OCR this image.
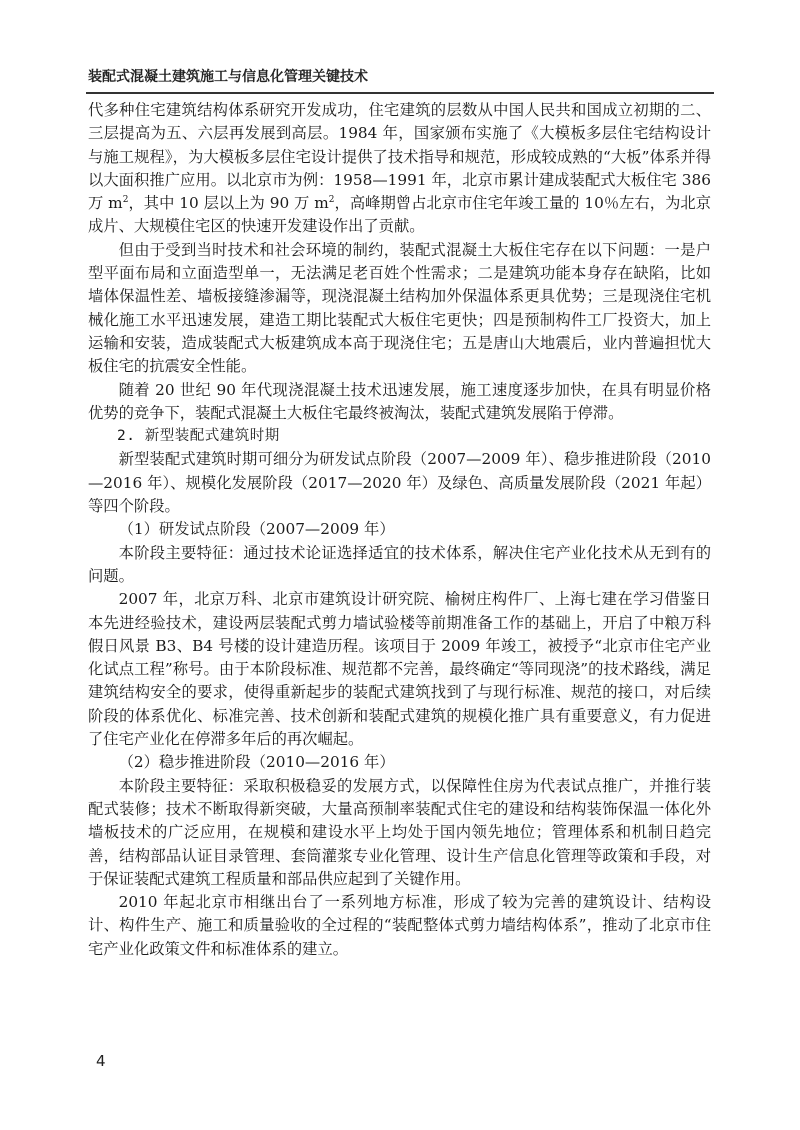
装配式混凝土建筑施工与信息化管理关键技术

代多种住宅建筑结构体系研究开发成功，住宅建筑的层数从中国人民共和国成立初期的二、三层提高为五、六层再发展到高层。1984 年，国家颁布实施了《大模板多层住宅结构设计与施工规程》，为大模板多层住宅设计提供了技术指导和规范，形成较成熟的“大板”体系并得以大面积推广应用。以北京市为例：1958—1991 年，北京市累计建成装配式大板住宅 386 万 $m^2$，其中 10 层以上为 90 万 $m^2$，高峰期曾占北京市住宅年竣工量的 10％左右，为北京成片、大规模住宅区的快速开发建设作出了贡献。

但由于受到当时技术和社会环境的制约，装配式混凝土大板住宅存在以下问题：一是户型平面布局和立面造型单一，无法满足老百姓个性需求；二是建筑功能本身存在缺陷，比如墙体保温性差、墙板接缝渗漏等，现浇混凝土结构加外保温体系更具优势；三是现浇住宅机械化施工水平迅速发展，建造工期比装配式大板住宅更快；四是预制构件工厂投资大，加上运输和安装，造成装配式大板建筑成本高于现浇住宅；五是唐山大地震后，业内普遍担忧大板住宅的抗震安全性能。

随着 20 世纪 90 年代现浇混凝土技术迅速发展，施工速度逐步加快，在具有明显价格优势的竞争下，装配式混凝土大板住宅最终被淘汰，装配式建筑发展陷于停滞。

2. 新型装配式建筑时期

新型装配式建筑时期可细分为研发试点阶段（2007—2009 年）、稳步推进阶段（2010—2016 年）、规模化发展阶段（2017—2020 年）及绿色、高质量发展阶段（2021 年起）等四个阶段。

（1）研发试点阶段（2007—2009 年）

本阶段主要特征：通过技术论证选择适宜的技术体系，解决住宅产业化技术从无到有的问题。

2007 年，北京万科、北京市建筑设计研究院、榆树庄构件厂、上海七建在学习借鉴日本先进经验技术，建设两层装配式剪力墙试验楼等前期准备工作的基础上，开启了中粮万科假日风景 B3、B4 号楼的设计建造历程。该项目于 2009 年竣工，被授予“北京市住宅产业化试点工程”称号。由于本阶段标准、规范都不完善，最终确定“等同现浇”的技术路线，满足建筑结构安全的要求，使得重新起步的装配式建筑找到了与现行标准、规范的接口，对后续阶段的体系优化、标准完善、技术创新和装配式建筑的规模化推广具有重要意义，有力促进了住宅产业化在停滞多年后的再次崛起。

（2）稳步推进阶段（2010—2016 年）

本阶段主要特征：采取积极稳妥的发展方式，以保障性住房为代表试点推广，并推行装配式装修；技术不断取得新突破，大量高预制率装配式住宅的建设和结构装饰保温一体化外墙板技术的广泛应用，在规模和建设水平上均处于国内领先地位；管理体系和机制日趋完善，结构部品认证目录管理、套筒灌浆专业化管理、设计生产信息化管理等政策和手段，对于保证装配式建筑工程质量和部品供应起到了关键作用。

2010 年起北京市相继出台了一系列地方标准，形成了较为完善的建筑设计、结构设计、构件生产、施工和质量验收的全过程的“装配整体式剪力墙结构体系”，推动了北京市住宅产业化政策文件和标准体系的建立。

4
